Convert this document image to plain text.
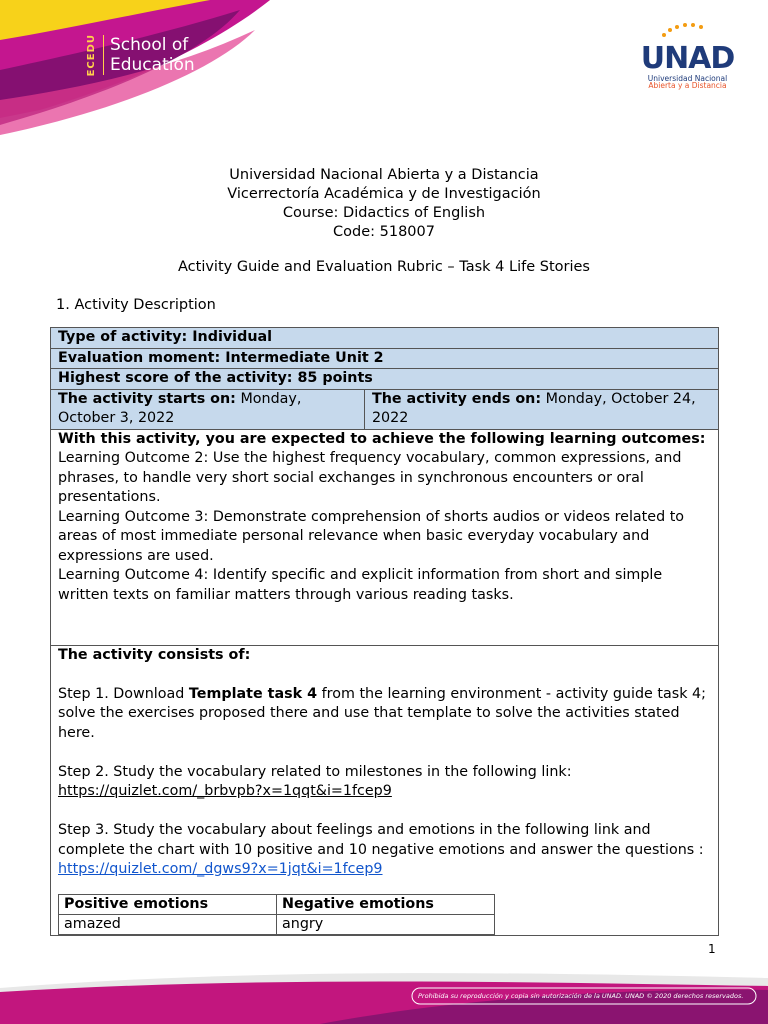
ECEDU School of
Education	UNAD
Universidad Nacional
Abierta y a Distancia
Universidad Nacional Abierta y a Distancia
Vicerrectoría Académica y de Investigación
Course: Didactics of English
Code: 518007
Activity Guide and Evaluation Rubric – Task 4 Life Stories
1. Activity Description
Type of activity: Individual
Evaluation moment: Intermediate Unit 2
Highest score of the activity: 85 points
The activity starts on: Monday, October 3, 2022	The activity ends on: Monday, October 24, 2022

With this activity, you are expected to achieve the following learning outcomes:

Learning Outcome 2: Use the highest frequency vocabulary, common expressions, and phrases, to handle very short social exchanges in synchronous encounters or oral presentations.

Learning Outcome 3: Demonstrate comprehension of shorts audios or videos related to areas of most immediate personal relevance when basic everyday vocabulary and expressions are used.

Learning Outcome 4: Identify specific and explicit information from short and simple written texts on familiar matters through various reading tasks.

The activity consists of:

Step 1. Download Template task 4 from the learning environment - activity guide task 4; solve the exercises proposed there and use that template to solve the activities stated here.

Step 2. Study the vocabulary related to milestones in the following link:

https://quizlet.com/_brbvpb?x=1qqt&i=1fcep9

Step 3. Study the vocabulary about feelings and emotions in the following link and complete the chart with 10 positive and 10 negative emotions and answer the questions : https://quizlet.com/_dgws9?x=1jqt&i=1fcep9

Positive emotions	Negative emotions
amazed	angry
1
Prohibida su reproducción y copia sin autorización de la UNAD. UNAD © 2020 derechos reservados.
